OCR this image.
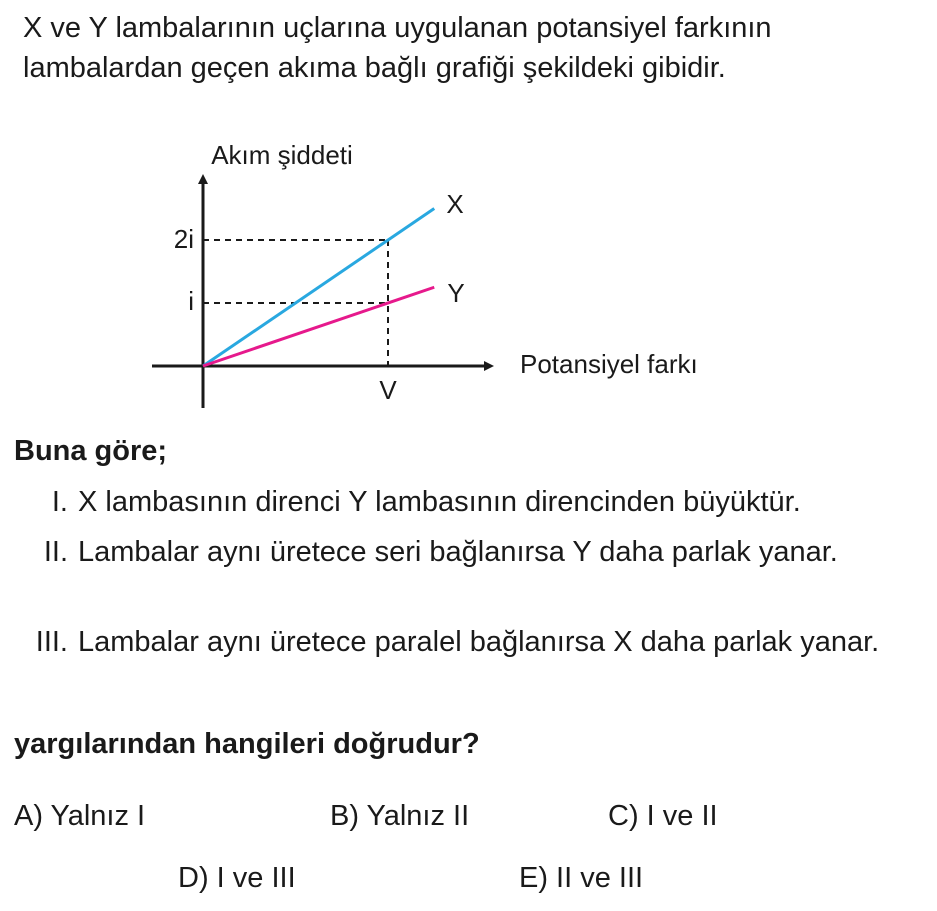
X ve Y lambalarının uçlarına uygulanan potansiyel farkının
lambalardan geçen akıma bağlı grafiği şekildeki gibidir.
Akım şiddeti
Potansiyel farkı
2i
i
V
X
Y
Buna göre;
I. X lambasının direnci Y lambasının direncinden büyüktür.
II. Lambalar aynı üretece seri bağlanırsa Y daha parlak yanar.
III. Lambalar aynı üretece paralel bağlanırsa X daha parlak yanar.
yargılarından hangileri doğrudur?
A) Yalnız I	B) Yalnız II	C) I ve II
D) I ve III	E) II ve III
